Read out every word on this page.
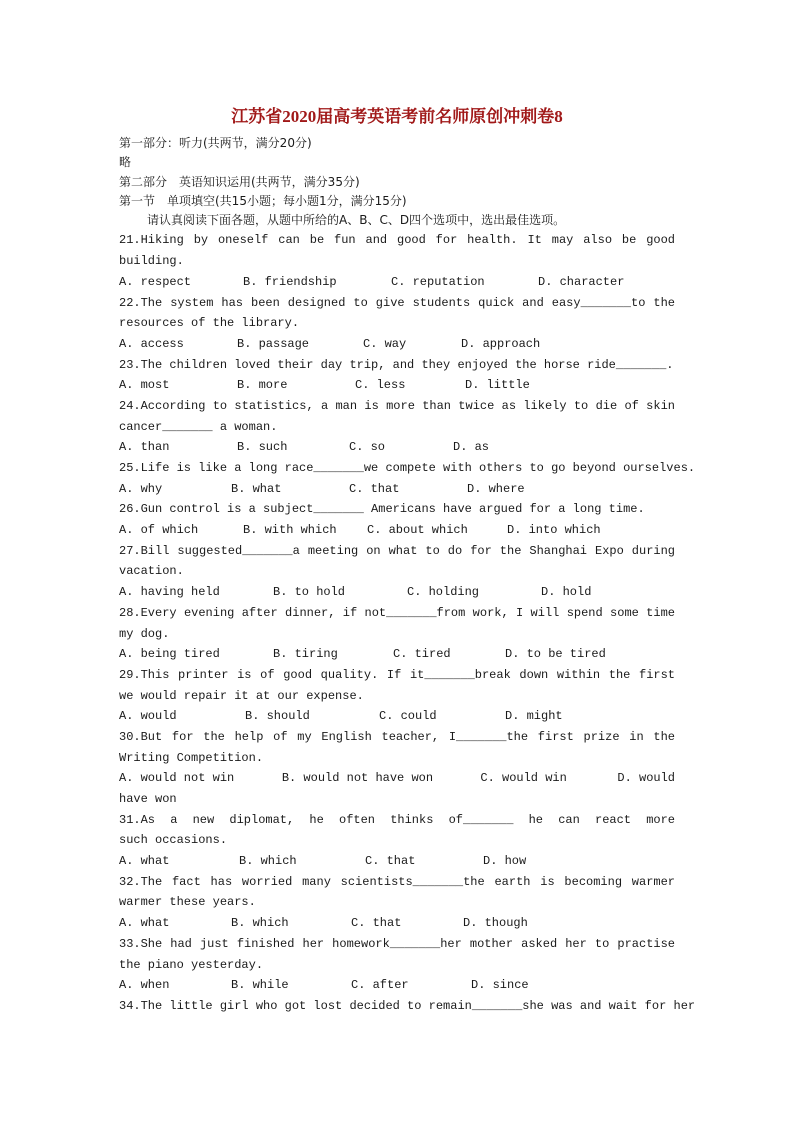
江苏省2020届高考英语考前名师原创冲刺卷8
第一部分：听力(共两节，满分20分)
略
第二部分　英语知识运用(共两节，满分35分)
第一节　单项填空(共15小题；每小题1分，满分15分)
请认真阅读下面各题，从题中所给的A、B、C、D四个选项中，选出最佳选项。
21.Hiking by oneself can be fun and good for health. It may also be good
building.
A. respect	B. friendship	C. reputation	D. character
22.The system has been designed to give students quick and easy_______to the
resources of the library.
A. access	B. passage	C. way	D. approach
23.The children loved their day trip, and they enjoyed the horse ride_______.
A. most	B. more	C. less	D. little
24.According to statistics, a man is more than twice as likely to die of skin
cancer_______ a woman.
A. than	B. such	C. so	D. as
25.Life is like a long race_______we compete with others to go beyond ourselves.
A. why	B. what	C. that	D. where
26.Gun control is a subject_______ Americans have argued for a long time.
A. of which	B. with which	C. about which	D. into which
27.Bill suggested_______a meeting on what to do for the Shanghai Expo during
vacation.
A. having held	B. to hold	C. holding	D. hold
28.Every evening after dinner, if not_______from work, I will spend some time
my dog.
A. being tired	B. tiring	C. tired	D. to be tired
29.This printer is of good quality. If it_______break down within the first
we would repair it at our expense.
A. would	B. should	C. could	D. might
30.But for the help of my English teacher, I_______the first prize in the
Writing Competition.
A. would not win	B. would not have won	C. would win	D. would
have won
31.As a new diplomat, he often thinks of_______ he can react more
such occasions.
A. what	B. which	C. that	D. how
32.The fact has worried many scientists_______the earth is becoming warmer
warmer these years.
A. what	B. which	C. that	D. though
33.She had just finished her homework_______her mother asked her to practise
the piano yesterday.
A. when	B. while	C. after	D. since
34.The little girl who got lost decided to remain_______she was and wait for her
